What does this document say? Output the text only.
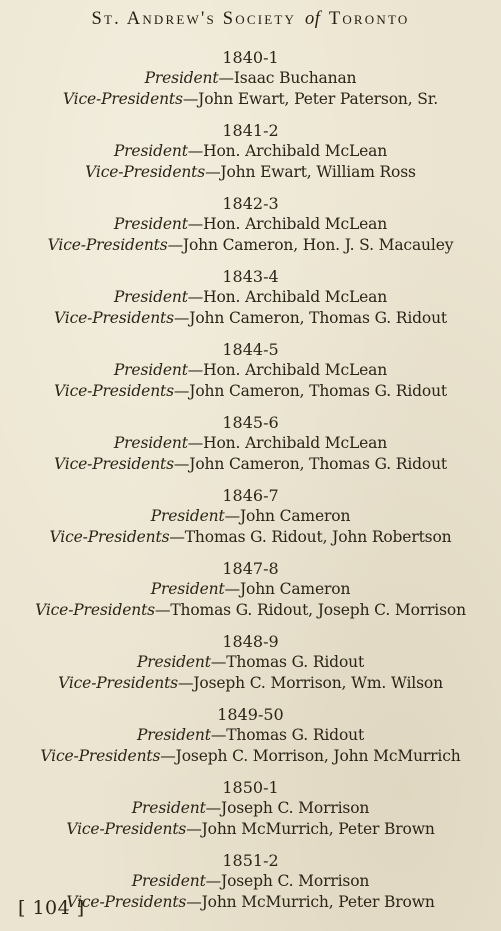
St. Andrew's Society of Toronto
1840-1
President—Isaac Buchanan
Vice-Presidents—John Ewart, Peter Paterson, Sr.
1841-2
President—Hon. Archibald McLean
Vice-Presidents—John Ewart, William Ross
1842-3
President—Hon. Archibald McLean
Vice-Presidents—John Cameron, Hon. J. S. Macauley
1843-4
President—Hon. Archibald McLean
Vice-Presidents—John Cameron, Thomas G. Ridout
1844-5
President—Hon. Archibald McLean
Vice-Presidents—John Cameron, Thomas G. Ridout
1845-6
President—Hon. Archibald McLean
Vice-Presidents—John Cameron, Thomas G. Ridout
1846-7
President—John Cameron
Vice-Presidents—Thomas G. Ridout, John Robertson
1847-8
President—John Cameron
Vice-Presidents—Thomas G. Ridout, Joseph C. Morrison
1848-9
President—Thomas G. Ridout
Vice-Presidents—Joseph C. Morrison, Wm. Wilson
1849-50
President—Thomas G. Ridout
Vice-Presidents—Joseph C. Morrison, John McMurrich
1850-1
President—Joseph C. Morrison
Vice-Presidents—John McMurrich, Peter Brown
1851-2
President—Joseph C. Morrison
Vice-Presidents—John McMurrich, Peter Brown
[ 104 ]
